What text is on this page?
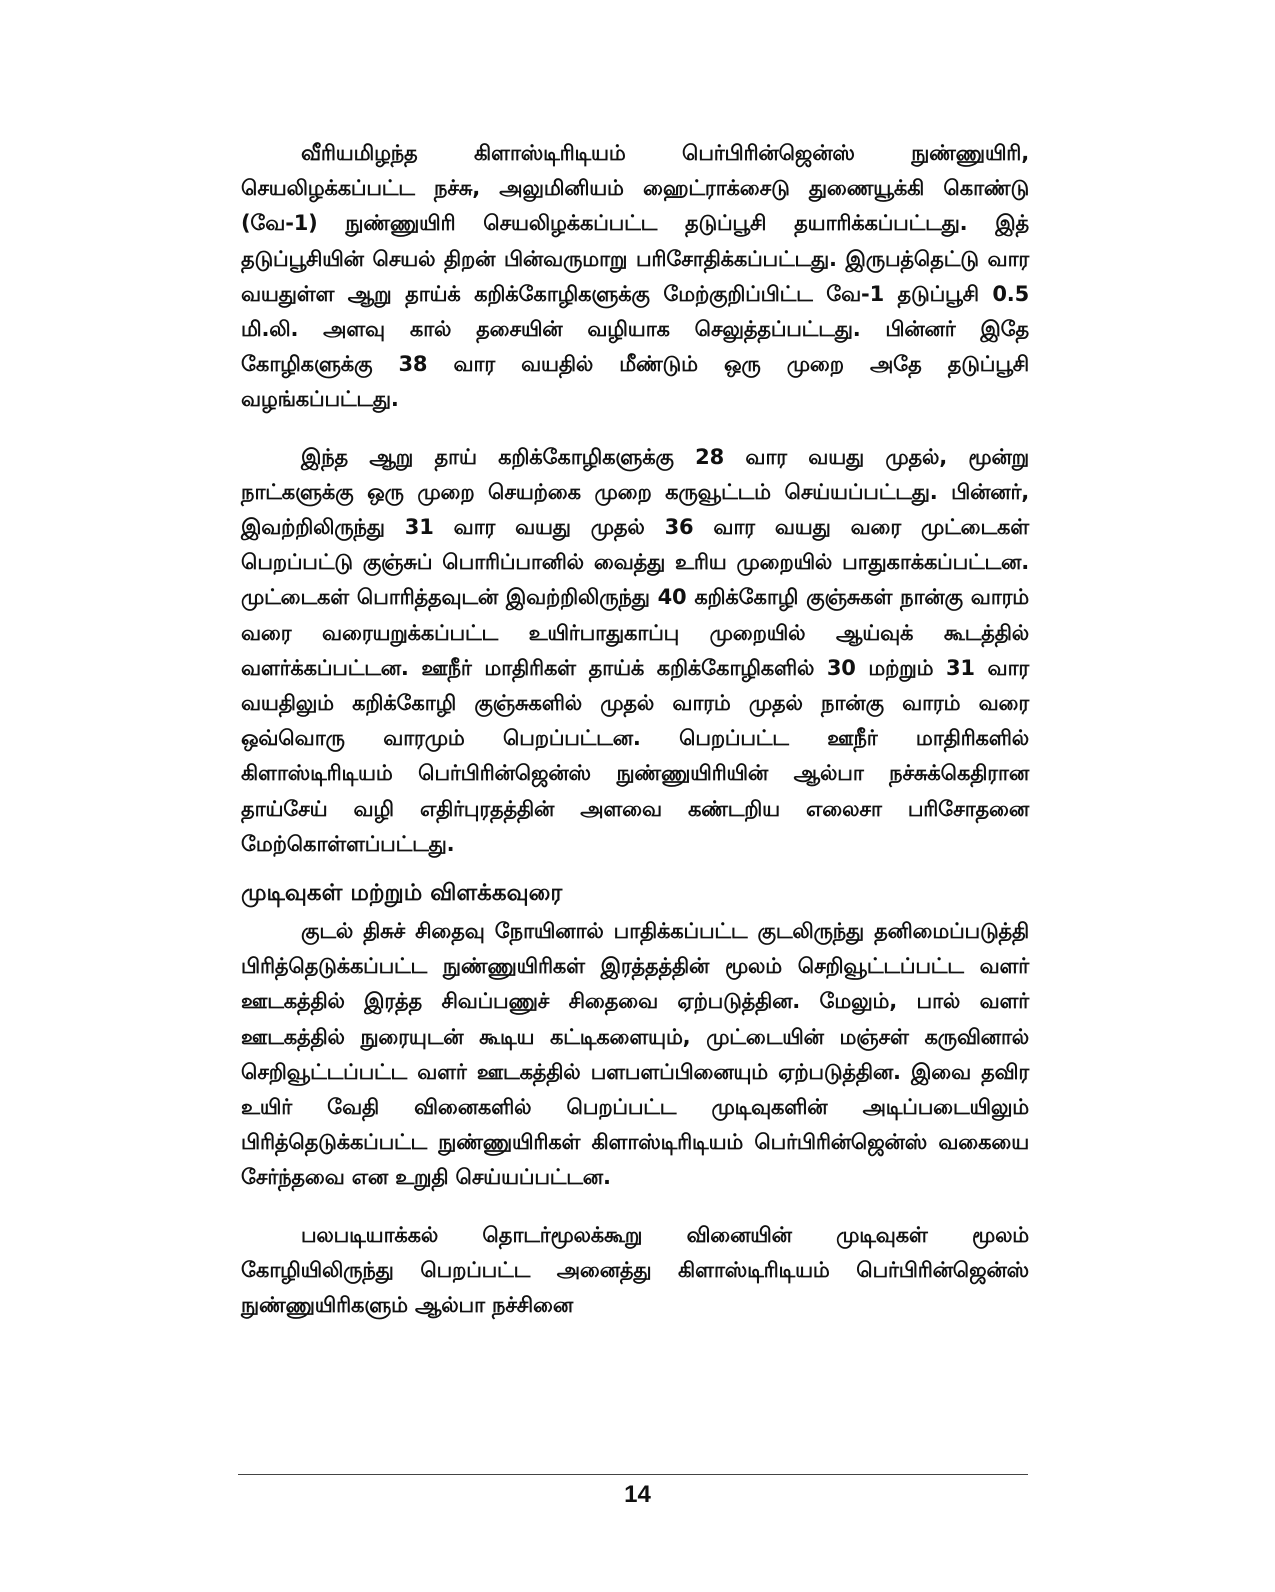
வீரியமிழந்த கிளாஸ்டிரிடியம் பெர்பிரின்ஜென்ஸ் நுண்ணுயிரி, செயலிழக்கப்பட்ட நச்சு, அலுமினியம் ஹைட்ராக்சைடு துணையூக்கி கொண்டு (வே-1) நுண்ணுயிரி செயலிழக்கப்பட்ட தடுப்பூசி தயாரிக்கப்பட்டது. இத் தடுப்பூசியின் செயல் திறன் பின்வருமாறு பரிசோதிக்கப்பட்டது. இருபத்தெட்டு வார வயதுள்ள ஆறு தாய்க் கறிக்கோழிகளுக்கு மேற்குறிப்பிட்ட வே-1 தடுப்பூசி 0.5 மி.லி. அளவு கால் தசையின் வழியாக செலுத்தப்பட்டது. பின்னர் இதே கோழிகளுக்கு 38 வார வயதில் மீண்டும் ஒரு முறை அதே தடுப்பூசி வழங்கப்பட்டது.

இந்த ஆறு தாய் கறிக்கோழிகளுக்கு 28 வார வயது முதல், மூன்று நாட்களுக்கு ஒரு முறை செயற்கை முறை கருவூட்டம் செய்யப்பட்டது. பின்னர், இவற்றிலிருந்து 31 வார வயது முதல் 36 வார வயது வரை முட்டைகள் பெறப்பட்டு குஞ்சுப் பொரிப்பானில் வைத்து உரிய முறையில் பாதுகாக்கப்பட்டன. முட்டைகள் பொரித்தவுடன் இவற்றிலிருந்து 40 கறிக்கோழி குஞ்சுகள் நான்கு வாரம் வரை வரையறுக்கப்பட்ட உயிர்பாதுகாப்பு முறையில் ஆய்வுக் கூடத்தில் வளர்க்கப்பட்டன. ஊநீர் மாதிரிகள் தாய்க் கறிக்கோழிகளில் 30 மற்றும் 31 வார வயதிலும் கறிக்கோழி குஞ்சுகளில் முதல் வாரம் முதல் நான்கு வாரம் வரை ஒவ்வொரு வாரமும் பெறப்பட்டன. பெறப்பட்ட ஊநீர் மாதிரிகளில் கிளாஸ்டிரிடியம் பெர்பிரின்ஜென்ஸ் நுண்ணுயிரியின் ஆல்பா நச்சுக்கெதிரான தாய்சேய் வழி எதிர்புரதத்தின் அளவை கண்டறிய எலைசா பரிசோதனை மேற்கொள்ளப்பட்டது.

முடிவுகள் மற்றும் விளக்கவுரை

குடல் திசுச் சிதைவு நோயினால் பாதிக்கப்பட்ட குடலிருந்து தனிமைப்படுத்தி பிரித்தெடுக்கப்பட்ட நுண்ணுயிரிகள் இரத்தத்தின் மூலம் செறிவூட்டப்பட்ட வளர் ஊடகத்தில் இரத்த சிவப்பணுச் சிதைவை ஏற்படுத்தின. மேலும், பால் வளர் ஊடகத்தில் நுரையுடன் கூடிய கட்டிகளையும், முட்டையின் மஞ்சள் கருவினால் செறிவூட்டப்பட்ட வளர் ஊடகத்தில் பளபளப்பினையும் ஏற்படுத்தின. இவை தவிர உயிர் வேதி வினைகளில் பெறப்பட்ட முடிவுகளின் அடிப்படையிலும் பிரித்தெடுக்கப்பட்ட நுண்ணுயிரிகள் கிளாஸ்டிரிடியம் பெர்பிரின்ஜென்ஸ் வகையை சேர்ந்தவை என உறுதி செய்யப்பட்டன.

பலபடியாக்கல் தொடர்மூலக்கூறு வினையின் முடிவுகள் மூலம் கோழியிலிருந்து பெறப்பட்ட அனைத்து கிளாஸ்டிரிடியம் பெர்பிரின்ஜென்ஸ் நுண்ணுயிரிகளும் ஆல்பா நச்சினை

14
